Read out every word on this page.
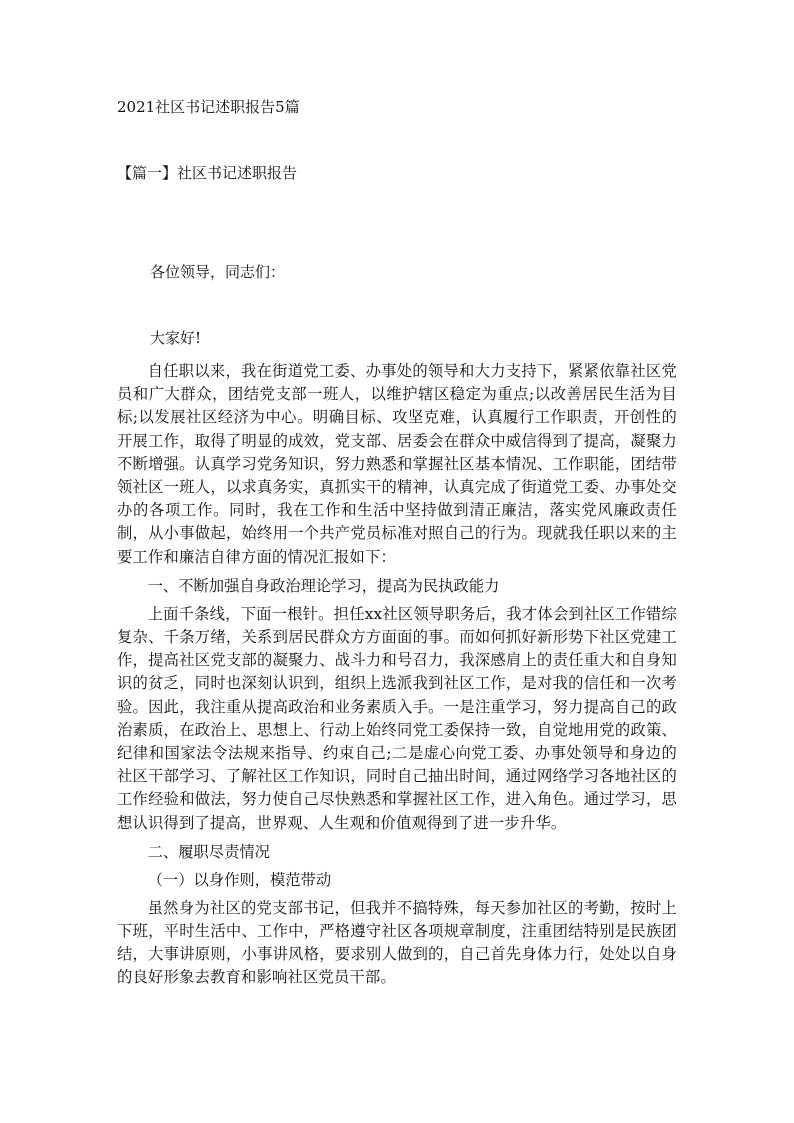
2021社区书记述职报告5篇

【篇一】社区书记述职报告

各位领导，同志们：

大家好!

自任职以来，我在街道党工委、办事处的领导和大力支持下，紧紧依靠社区党员和广大群众，团结党支部一班人，以维护辖区稳定为重点;以改善居民生活为目标;以发展社区经济为中心。明确目标、攻坚克难，认真履行工作职责，开创性的开展工作，取得了明显的成效，党支部、居委会在群众中威信得到了提高，凝聚力不断增强。认真学习党务知识，努力熟悉和掌握社区基本情况、工作职能，团结带领社区一班人，以求真务实，真抓实干的精神，认真完成了街道党工委、办事处交办的各项工作。同时，我在工作和生活中坚持做到清正廉洁，落实党风廉政责任制，从小事做起，始终用一个共产党员标准对照自己的行为。现就我任职以来的主要工作和廉洁自律方面的情况汇报如下：

一、不断加强自身政治理论学习，提高为民执政能力

上面千条线，下面一根针。担任xx社区领导职务后，我才体会到社区工作错综复杂、千条万绪，关系到居民群众方方面面的事。而如何抓好新形势下社区党建工作，提高社区党支部的凝聚力、战斗力和号召力，我深感肩上的责任重大和自身知识的贫乏，同时也深刻认识到，组织上选派我到社区工作，是对我的信任和一次考验。因此，我注重从提高政治和业务素质入手。一是注重学习，努力提高自己的政治素质，在政治上、思想上、行动上始终同党工委保持一致，自觉地用党的政策、纪律和国家法令法规来指导、约束自己;二是虚心向党工委、办事处领导和身边的社区干部学习、了解社区工作知识，同时自己抽出时间，通过网络学习各地社区的工作经验和做法，努力使自己尽快熟悉和掌握社区工作，进入角色。通过学习，思想认识得到了提高，世界观、人生观和价值观得到了进一步升华。

二、履职尽责情况

（一）以身作则，模范带动

虽然身为社区的党支部书记，但我并不搞特殊，每天参加社区的考勤，按时上下班，平时生活中、工作中，严格遵守社区各项规章制度，注重团结特别是民族团结，大事讲原则，小事讲风格，要求别人做到的，自己首先身体力行，处处以自身的良好形象去教育和影响社区党员干部。
